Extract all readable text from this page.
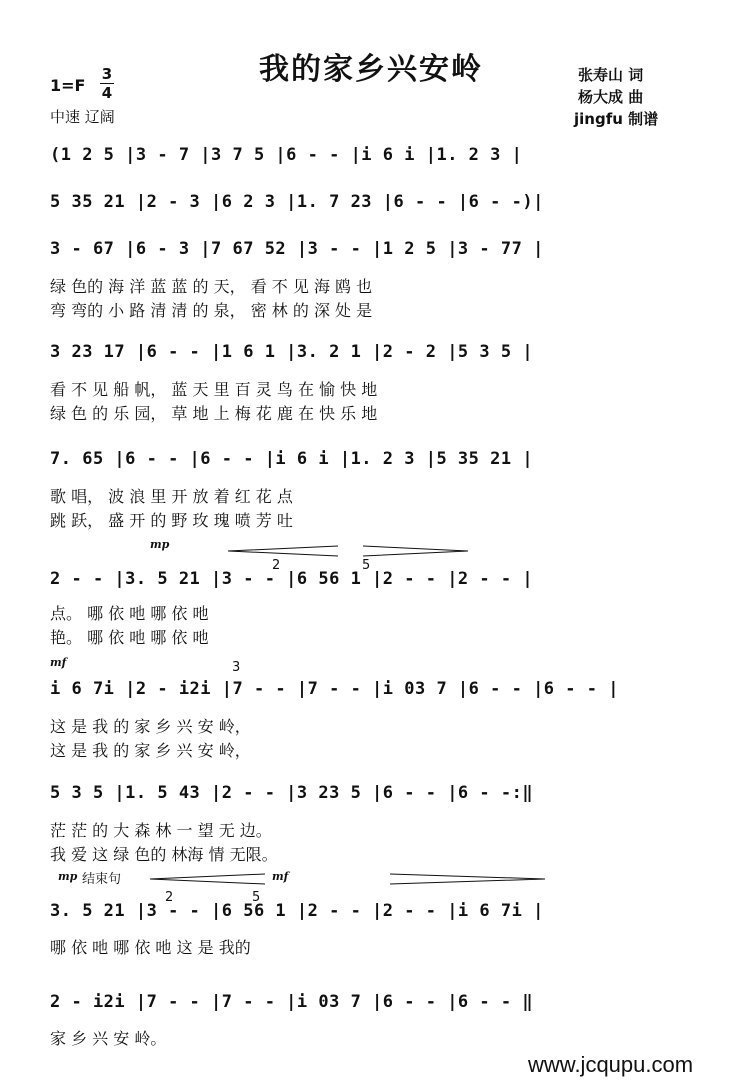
我的家乡兴安岭
1=F
3
4
中速 辽阔
张寿山 词
杨大成 曲
jingfu 制谱
(1 2 5 |3 - 7 |3 7 5 |6 - - |i 6 i |1. 2 3 |
5 35 21 |2 - 3 |6 2 3 |1. 7 23 |6 - - |6 - -)|
3 - 67 |6 - 3 |7 67 52 |3 - - |1 2 5 |3 - 77 |
绿 色的 海 洋 蓝 蓝 的 天， 看 不 见 海 鸥 也
弯 弯的 小 路 清 清 的 泉， 密 林 的 深 处 是
3 23 17 |6 - - |1 6 1 |3. 2 1 |2 - 2 |5 3 5 |
看 不 见 船 帆， 蓝 天 里 百 灵 鸟 在 愉 快 地
绿 色 的 乐 园， 草 地 上 梅 花 鹿 在 快 乐 地
7. 65 |6 - - |6 - - |i 6 i |1. 2 3 |5 35 21 |
歌 唱， 波 浪 里 开 放 着 红 花 点
跳 跃， 盛 开 的 野 玫 瑰 喷 芳 吐
mp
2 - - |3. 5 21 |3 - - |6 56 1 |2 - - |2 - - |
点。 哪 依 吔 哪 依 吔
艳。 哪 依 吔 哪 依 吔
mf
i 6 7i |2 - i2i |7 - - |7 - - |i 03 7 |6 - - |6 - - |
这 是 我 的 家 乡 兴 安 岭，
这 是 我 的 家 乡 兴 安 岭，
5 3 5 |1. 5 43 |2 - - |3 23 5 |6 - - |6 - -:‖
茫 茫 的 大 森 林 一 望 无 边。
我 爱 这 绿 色的 林海 情 无限。
mp 结束句	mf
3. 5 21 |3 - - |6 56 1 |2 - - |2 - - |i 6 7i |
哪 依 吔 哪 依 吔 这 是 我的
2 - i2i |7 - - |7 - - |i 03 7 |6 - - |6 - - ‖
家 乡 兴 安 岭。
2	5
2	5
3
www.jcqupu.com
